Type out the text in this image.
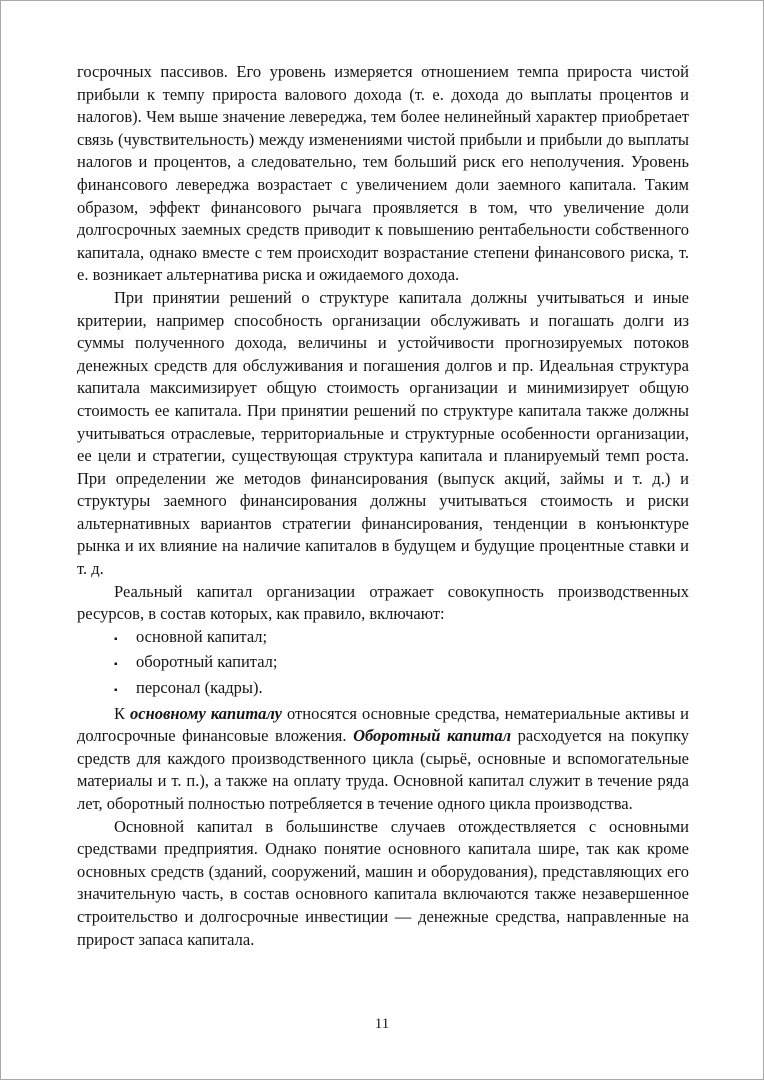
госрочных пассивов. Его уровень измеряется отношением темпа прироста чистой прибыли к темпу прироста валового дохода (т. е. дохода до выплаты процентов и налогов). Чем выше значение левереджа, тем более нелинейный характер приобретает связь (чувствительность) между изменениями чистой прибыли и прибыли до выплаты налогов и процентов, а следовательно, тем больший риск его неполучения. Уровень финансового левереджа возрастает с увеличением доли заемного капитала. Таким образом, эффект финансового рычага проявляется в том, что увеличение доли долгосрочных заемных средств приводит к повышению рентабельности собственного капитала, однако вместе с тем происходит возрастание степени финансового риска, т. е. возникает альтернатива риска и ожидаемого дохода.

При принятии решений о структуре капитала должны учитываться и иные критерии, например способность организации обслуживать и погашать долги из суммы полученного дохода, величины и устойчивости прогнозируемых потоков денежных средств для обслуживания и погашения долгов и пр. Идеальная структура капитала максимизирует общую стоимость организации и минимизирует общую стоимость ее капитала. При принятии решений по структуре капитала также должны учитываться отраслевые, территориальные и структурные особенности организации, ее цели и стратегии, существующая структура капитала и планируемый темп роста. При определении же методов финансирования (выпуск акций, займы и т. д.) и структуры заемного финансирования должны учитываться стоимость и риски альтернативных вариантов стратегии финансирования, тенденции в конъюнктуре рынка и их влияние на наличие капиталов в будущем и будущие процентные ставки и т. д.

Реальный капитал организации отражает совокупность производственных ресурсов, в состав которых, как правило, включают:

▪ основной капитал;
▪ оборотный капитал;
▪ персонал (кадры).

К основному капиталу относятся основные средства, нематериальные активы и долгосрочные финансовые вложения. Оборотный капитал расходуется на покупку средств для каждого производственного цикла (сырьё, основные и вспомогательные материалы и т. п.), а также на оплату труда. Основной капитал служит в течение ряда лет, оборотный полностью потребляется в течение одного цикла производства.

Основной капитал в большинстве случаев отождествляется с основными средствами предприятия. Однако понятие основного капитала шире, так как кроме основных средств (зданий, сооружений, машин и оборудования), представляющих его значительную часть, в состав основного капитала включаются также незавершенное строительство и долгосрочные инвестиции — денежные средства, направленные на прирост запаса капитала.

11
